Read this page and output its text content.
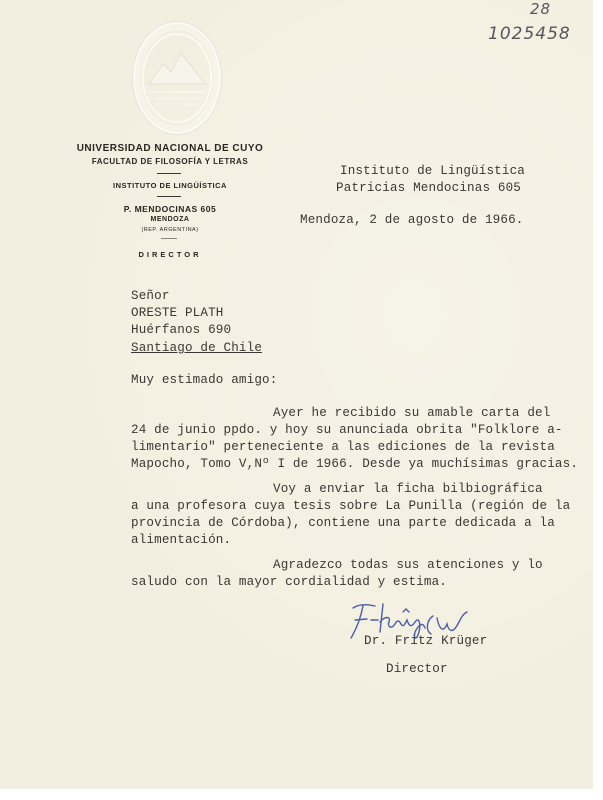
28
1025458
UNIVERSIDAD NACIONAL DE CUYO
FACULTAD DE FILOSOFÍA Y LETRAS
INSTITUTO DE LINGÜÍSTICA
P. MENDOCINAS 605
MENDOZA
(REP. ARGENTINA)
DIRECTOR
Instituto de Lingüística
Patricias Mendocinas 605
Mendoza, 2 de agosto de 1966.
Señor
ORESTE PLATH
Huérfanos 690
Santiago de Chile
Muy estimado amigo:
Ayer he recibido su amable carta del
24 de junio ppdo. y hoy su anunciada obrita "Folklore a-
limentario" perteneciente a las ediciones de la revista
Mapocho, Tomo V,Nº I de 1966. Desde ya muchísimas gracias.
Voy a enviar la ficha bilbiográfica
a una profesora cuya tesis sobre La Punilla (región de la
provincia de Córdoba), contiene una parte dedicada a la
alimentación.
Agradezco todas sus atenciones y lo
saludo con la mayor cordialidad y estima.
Dr. Fritz Krüger
Director
